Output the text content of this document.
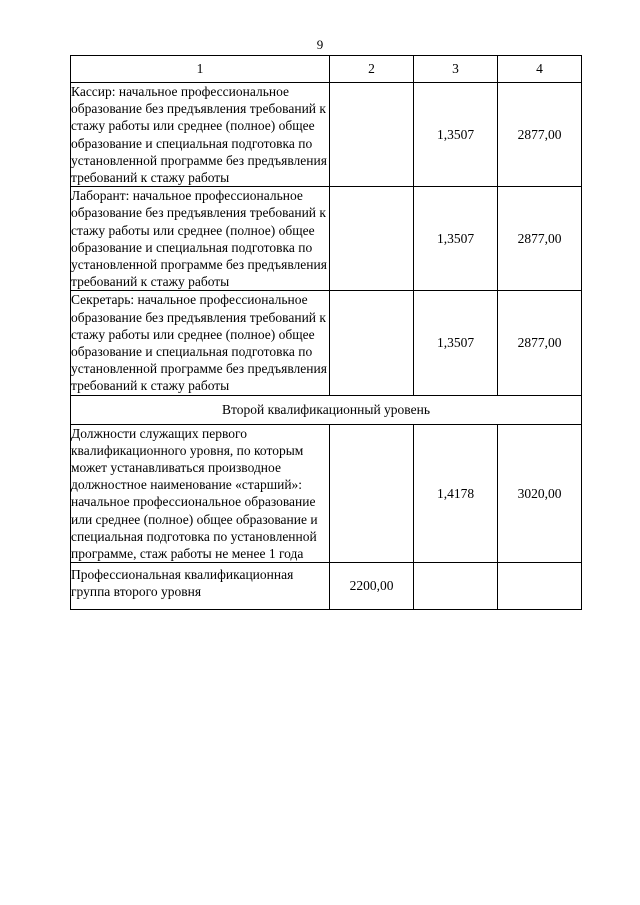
9
1	2	3	4
Кассир: начальное профессиональное образование без предъявления требований к стажу работы или среднее (полное) общее образование и специальная подготовка по установленной программе без предъявления требований к стажу работы		1,3507	2877,00
Лаборант: начальное профессиональное образование без предъявления требований к стажу работы или среднее (полное) общее образование и специальная подготовка по установленной программе без предъявления требований к стажу работы		1,3507	2877,00
Секретарь: начальное профессиональное образование без предъявления требований к стажу работы или среднее (полное) общее образование и специальная подготовка по установленной программе без предъявления требований к стажу работы		1,3507	2877,00
Второй квалификационный уровень			
Должности служащих первого квалификационного уровня, по которым может устанавливаться производное должностное наименование «старший»: начальное профессиональное образование или среднее (полное) общее образование и специальная подготовка по установленной программе, стаж работы не менее 1 года		1,4178	3020,00
Профессиональная квалификационная группа второго уровня	2200,00		
